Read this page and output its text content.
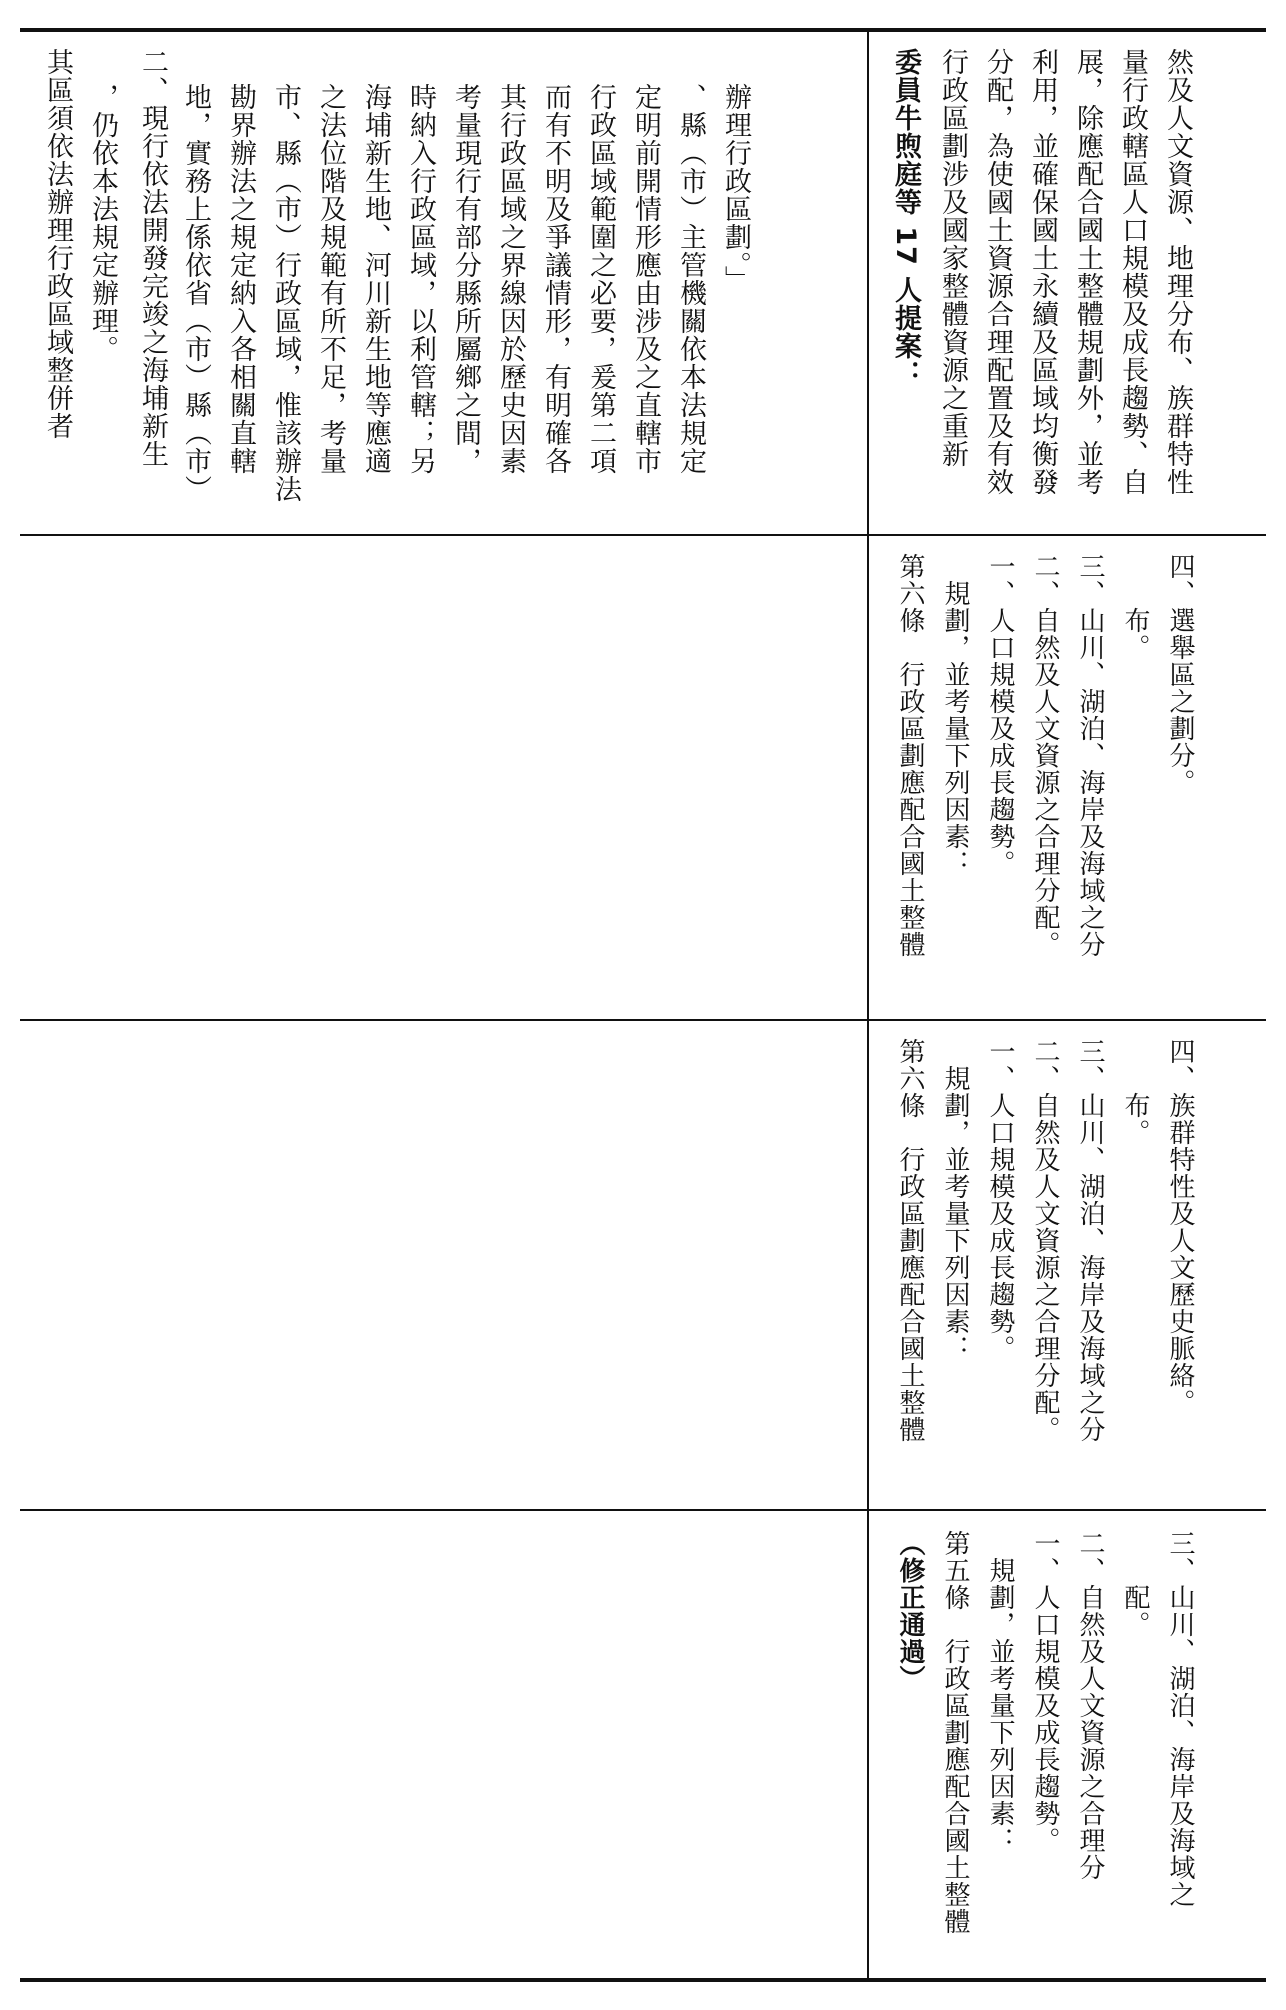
其區須依法辦理行政區域整併者 ，仍依本法規定辦理。 二、現行依法開發完竣之海埔新生 地，實務上係依省（市）縣（市） 勘界辦法之規定納入各相關直轄 市、縣（市）行政區域，惟該辦法 之法位階及規範有所不足，考量 海埔新生地、河川新生地等應適 時納入行政區域，以利管轄；另 考量現行有部分縣所屬鄉之間， 其行政區域之界線因於歷史因素 而有不明及爭議情形，有明確各 行政區域範圍之必要，爰第二項 定明前開情形應由涉及之直轄市 、縣（市）主管機關依本法規定 辦理行政區劃。」	委員牛煦庭等 17 人提案： 行政區劃涉及國家整體資源之重新 分配，為使國土資源合理配置及有效 利用，並確保國土永續及區域均衡發 展，除應配合國土整體規劃外，並考 量行政轄區人口規模及成長趨勢、自 然及人文資源、地理分布、族群特性
第六條　行政區劃應配合國土整體 　規劃，並考量下列因素： 一、人口規模及成長趨勢。 二、自然及人文資源之合理分配。 三、山川、湖泊、海岸及海域之分 　　布。 四、選舉區之劃分。
第六條　行政區劃應配合國土整體 　規劃，並考量下列因素： 一、人口規模及成長趨勢。 二、自然及人文資源之合理分配。 三、山川、湖泊、海岸及海域之分 　　布。 四、族群特性及人文歷史脈絡。
（修正通過） 第五條　行政區劃應配合國土整體 　規劃，並考量下列因素： 一、人口規模及成長趨勢。 二、自然及人文資源之合理分 　　配。 三、山川、湖泊、海岸及海域之
